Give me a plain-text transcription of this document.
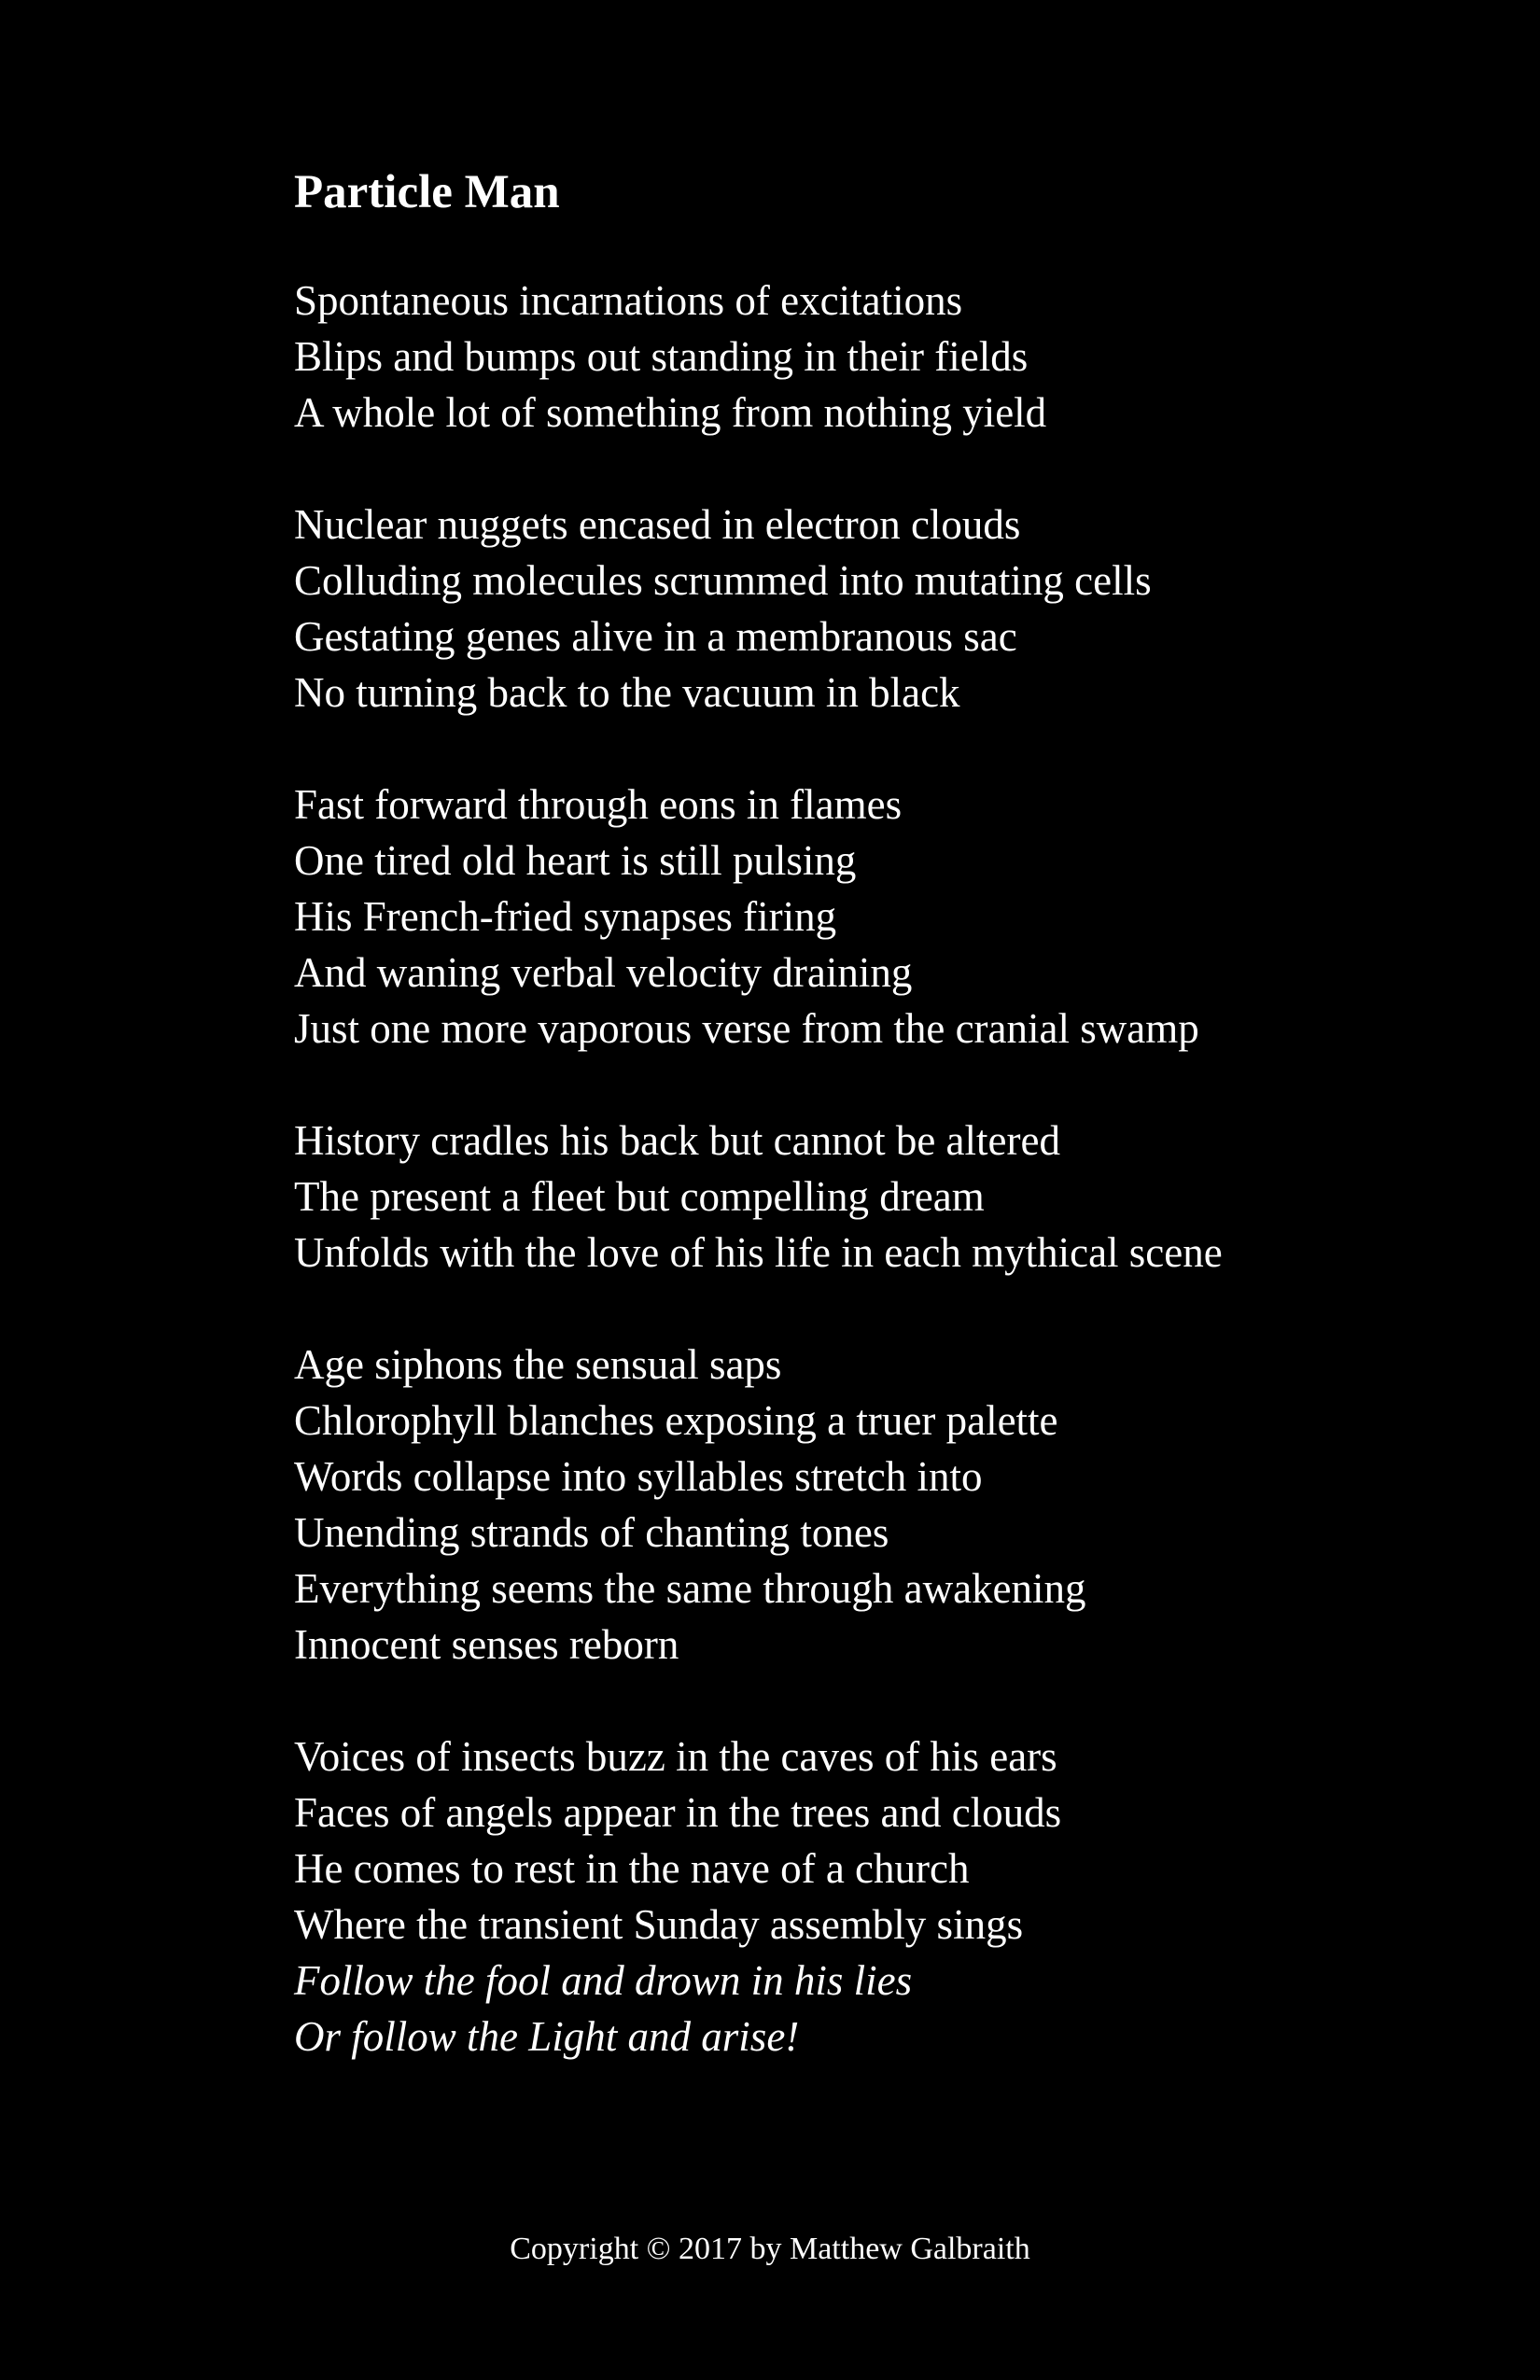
Particle Man

Spontaneous incarnations of excitations
Blips and bumps out standing in their fields
A whole lot of something from nothing yield

Nuclear nuggets encased in electron clouds
Colluding molecules scrummed into mutating cells
Gestating genes alive in a membranous sac
No turning back to the vacuum in black

Fast forward through eons in flames
One tired old heart is still pulsing
His French-fried synapses firing
And waning verbal velocity draining
Just one more vaporous verse from the cranial swamp

History cradles his back but cannot be altered
The present a fleet but compelling dream
Unfolds with the love of his life in each mythical scene

Age siphons the sensual saps
Chlorophyll blanches exposing a truer palette
Words collapse into syllables stretch into
Unending strands of chanting tones
Everything seems the same through awakening
Innocent senses reborn

Voices of insects buzz in the caves of his ears
Faces of angels appear in the trees and clouds
He comes to rest in the nave of a church
Where the transient Sunday assembly sings
Follow the fool and drown in his lies
Or follow the Light and arise!

Copyright © 2017 by Matthew Galbraith
